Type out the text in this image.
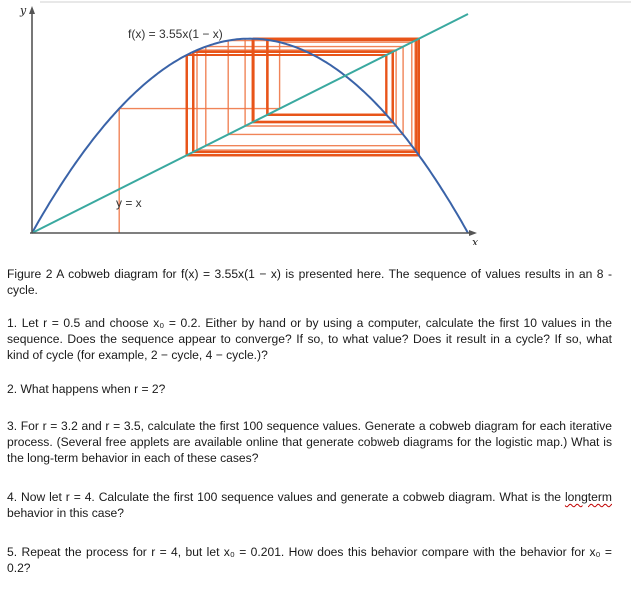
y
x
f(x) = 3.55x(1 − x)
y = x
Figure 2 A cobweb diagram for f(x) = 3.55x(1 − x) is presented here. The sequence of values results in an 8 -cycle.
1. Let r = 0.5 and choose x₀ = 0.2. Either by hand or by using a computer, calculate the first 10 values in the sequence. Does the sequence appear to converge? If so, to what value? Does it result in a cycle? If so, what kind of cycle (for example, 2 − cycle, 4 − cycle.)?
2. What happens when r = 2?
3. For r = 3.2 and r = 3.5, calculate the first 100 sequence values. Generate a cobweb diagram for each iterative process. (Several free applets are available online that generate cobweb diagrams for the logistic map.) What is the long-term behavior in each of these cases?
4. Now let r = 4. Calculate the first 100 sequence values and generate a cobweb diagram. What is the longterm behavior in this case?
5. Repeat the process for r = 4, but let x₀ = 0.201. How does this behavior compare with the behavior for x₀ = 0.2?
